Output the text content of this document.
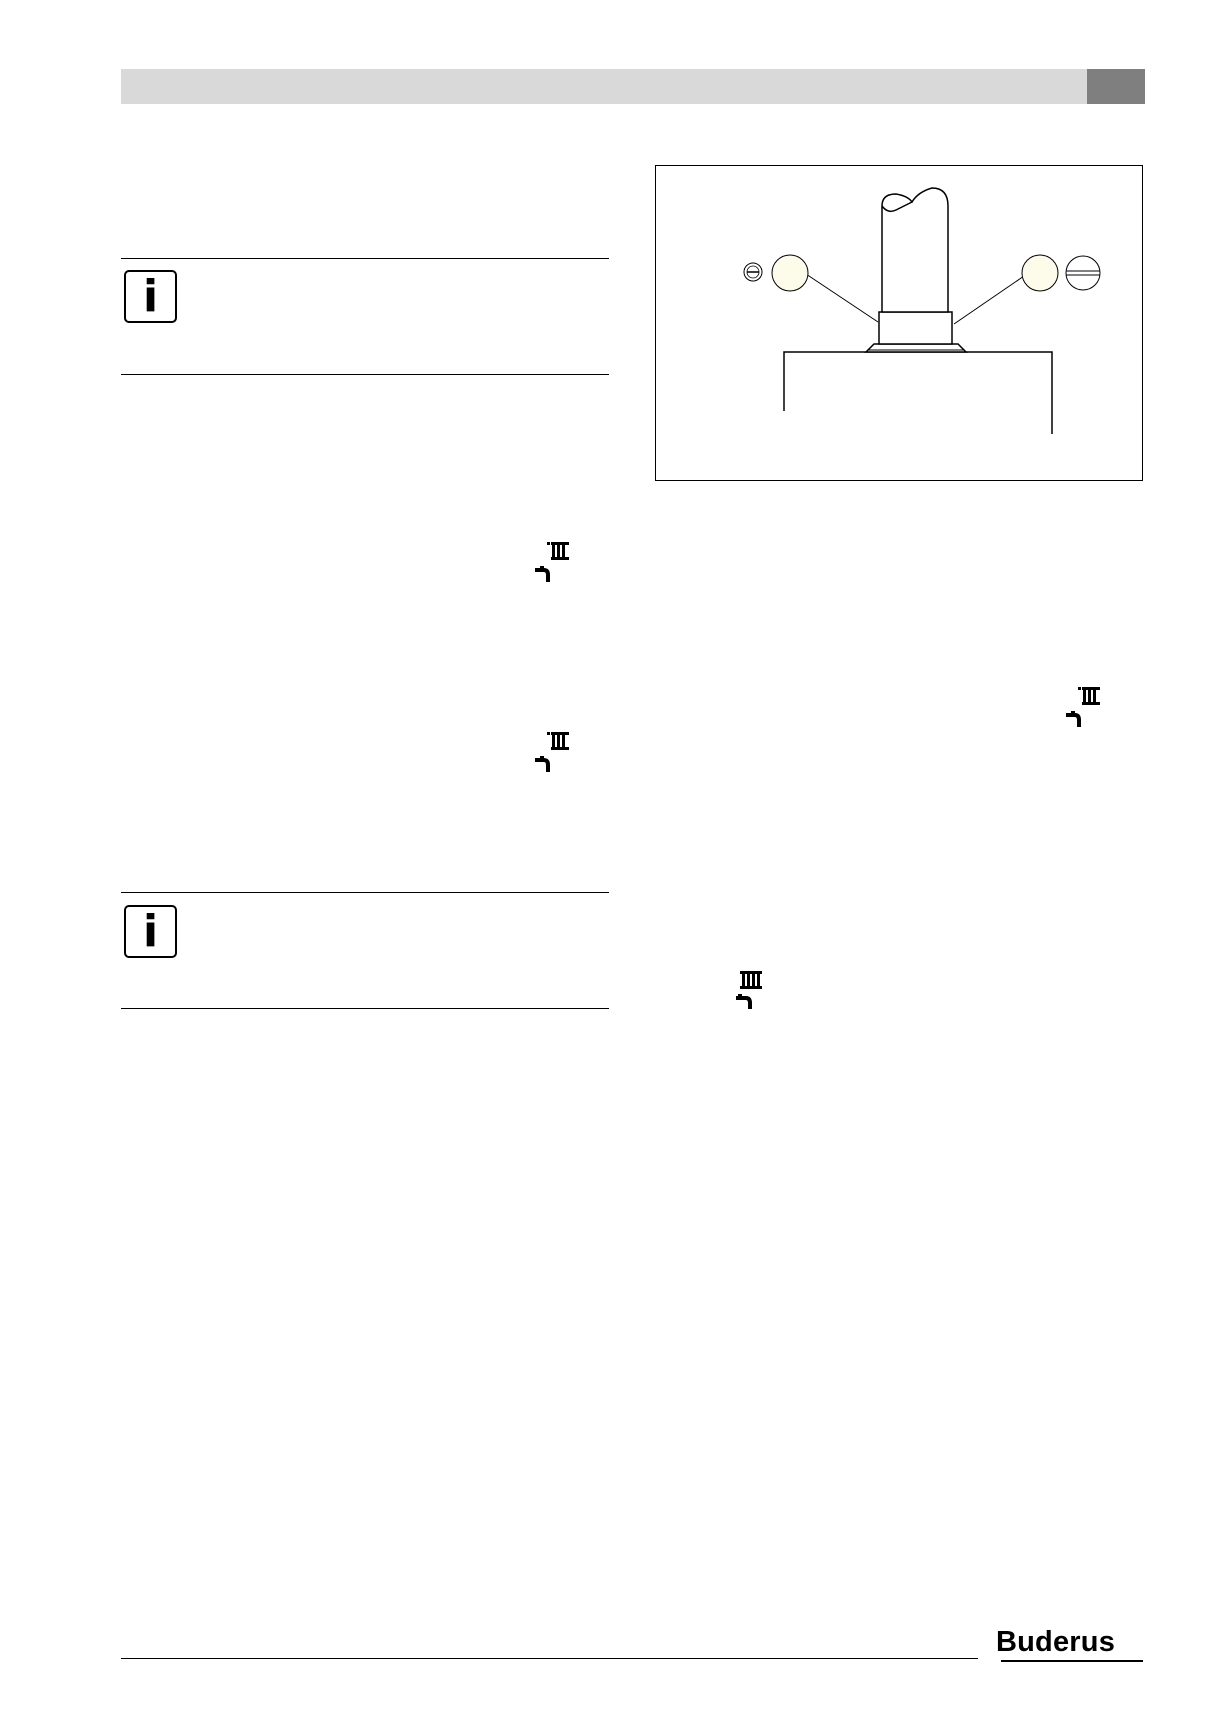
i
i
Buderus
